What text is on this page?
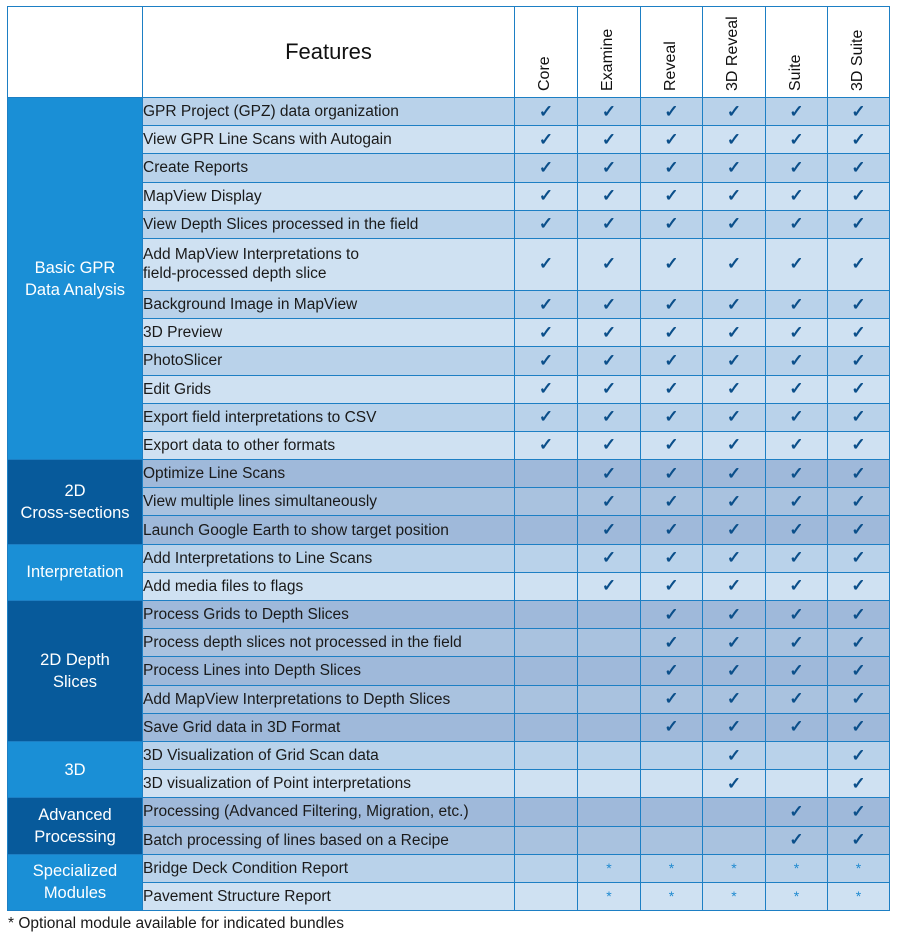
	Features	Core	Examine	Reveal	3D Reveal	Suite	3D Suite

Basic GPR
Data Analysis	GPR Project (GPZ) data organization	✓	✓	✓	✓	✓	✓
	View GPR Line Scans with Autogain	✓	✓	✓	✓	✓	✓
	Create Reports	✓	✓	✓	✓	✓	✓
	MapView Display	✓	✓	✓	✓	✓	✓
	View Depth Slices processed in the field	✓	✓	✓	✓	✓	✓
	Add MapView Interpretations to
field-processed depth slice	✓	✓	✓	✓	✓	✓
	Background Image in MapView	✓	✓	✓	✓	✓	✓
	3D Preview	✓	✓	✓	✓	✓	✓
	PhotoSlicer	✓	✓	✓	✓	✓	✓
	Edit Grids	✓	✓	✓	✓	✓	✓
	Export field interpretations to CSV	✓	✓	✓	✓	✓	✓
	Export data to other formats	✓	✓	✓	✓	✓	✓
2D
Cross-sections	Optimize Line Scans		✓	✓	✓	✓	✓
	View multiple lines simultaneously		✓	✓	✓	✓	✓
	Launch Google Earth to show target position		✓	✓	✓	✓	✓
Interpretation	Add Interpretations to Line Scans		✓	✓	✓	✓	✓
	Add media files to flags		✓	✓	✓	✓	✓
2D Depth
Slices	Process Grids to Depth Slices			✓	✓	✓	✓
	Process depth slices not processed in the field			✓	✓	✓	✓
	Process Lines into Depth Slices			✓	✓	✓	✓
	Add MapView Interpretations to Depth Slices			✓	✓	✓	✓
	Save Grid data in 3D Format			✓	✓	✓	✓
3D	3D Visualization of Grid Scan data				✓		✓
	3D visualization of Point interpretations				✓		✓
Advanced
Processing	Processing (Advanced Filtering, Migration, etc.)					✓	✓
	Batch processing of lines based on a Recipe					✓	✓
Specialized
Modules	Bridge Deck Condition Report		*	*	*	*	*
	Pavement Structure Report		*	*	*	*	*
* Optional module available for indicated bundles
